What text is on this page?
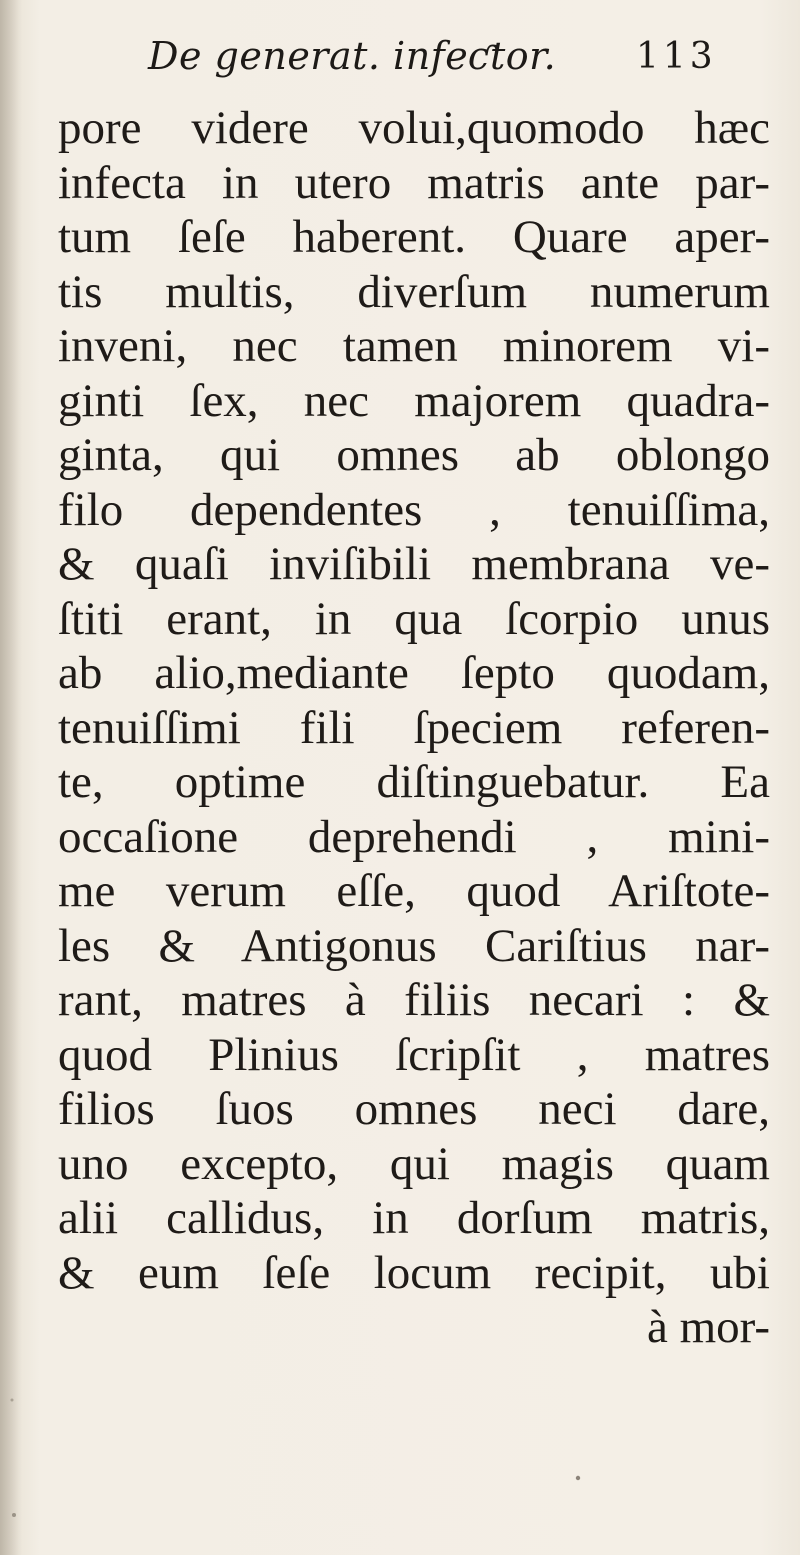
De generat. infeƈtor. 113
pore videre volui,quomodo hæc
infecta in utero matris ante par-
tum ſeſe haberent. Quare aper-
tis multis, diverſum numerum
inveni, nec tamen minorem vi-
ginti ſex, nec majorem quadra-
ginta, qui omnes ab oblongo
filo dependentes , tenuiſſima,
& quaſi inviſibili membrana ve-
ſtiti erant, in qua ſcorpio unus
ab alio,mediante ſepto quodam,
tenuiſſimi fili ſpeciem referen-
te, optime diſtinguebatur. Ea
occaſione deprehendi , mini-
me verum eſſe, quod Ariſtote-
les & Antigonus Cariſtius nar-
rant, matres à filiis necari : &
quod Plinius ſcripſit , matres
filios ſuos omnes neci dare,
uno excepto, qui magis quam
alii callidus, in dorſum matris,
& eum ſeſe locum recipit, ubi
à mor-
